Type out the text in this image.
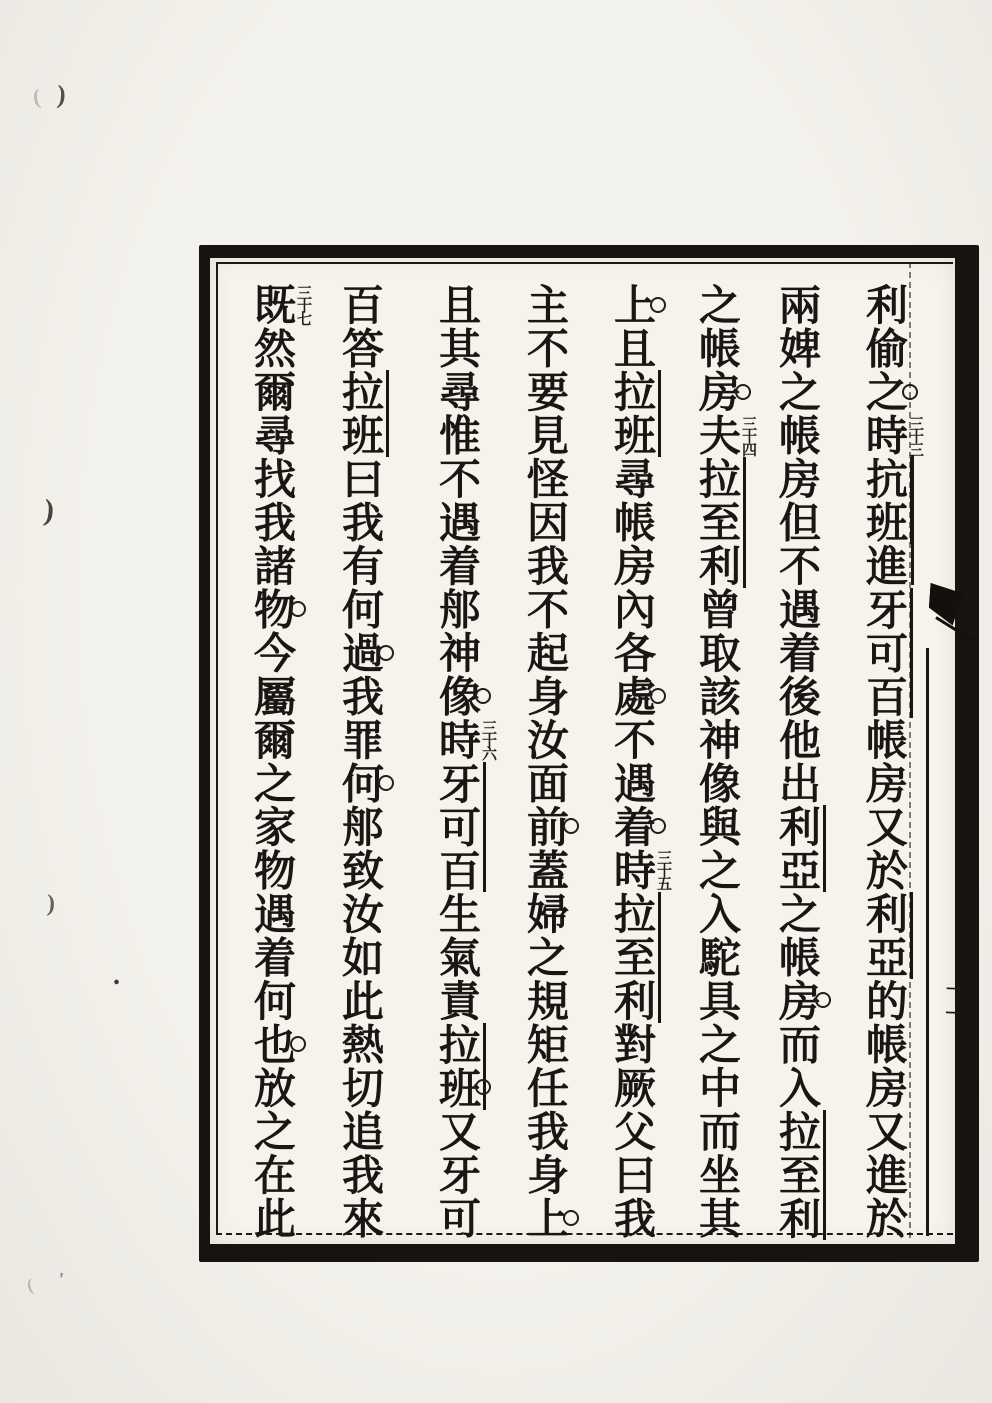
利偷之時抗班進牙可百帳房又於利亞的帳房又進於
三十三
兩婢之帳房但不遇着後他出利亞之帳房而入拉至利
之帳房夫拉至利曾取該神像與之入駝具之中而坐其
三十四
上且拉班尋帳房內各處不遇着時拉至利對厥父曰我
三十五
主不要見怪因我不起身汝面前蓋婦之規矩任我身上
且其尋惟不遇着郍神像時牙可百生氣責拉班又牙可
三十六
百答拉班曰我有何過我罪何郍致汝如此熱切追我來
既然爾尋找我諸物今屬爾之家物遇着何也放之在此 三十七
十一
( )
)
)
.
( '
